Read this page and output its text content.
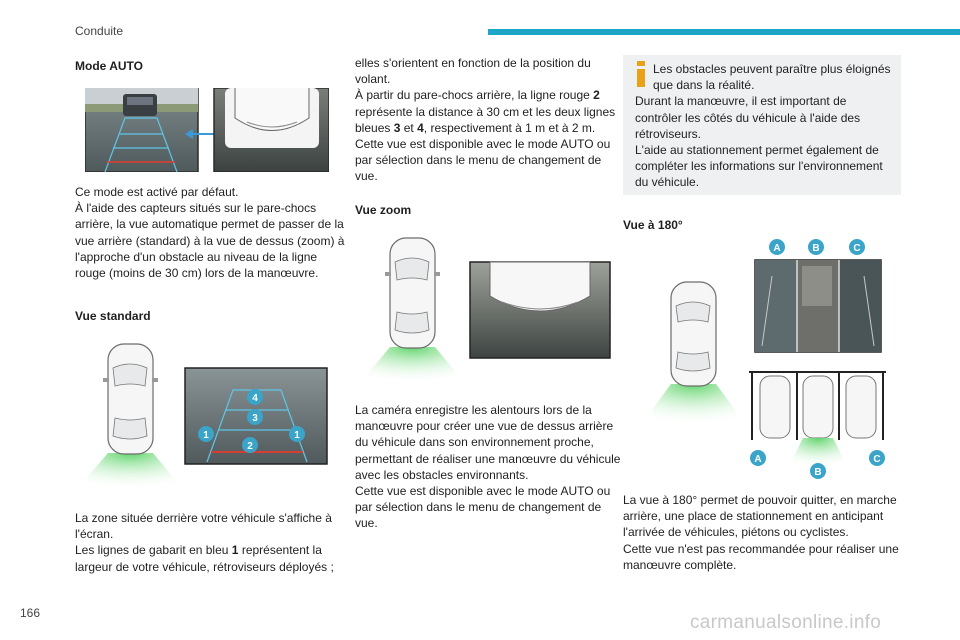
Conduite
Mode AUTO

Ce mode est activé par défaut.

À l'aide des capteurs situés sur le pare-chocs arrière, la vue automatique permet de passer de la vue arrière (standard) à la vue de dessus (zoom) à l'approche d'un obstacle au niveau de la ligne rouge (moins de 30 cm) lors de la manœuvre.

Vue standard
4
3
1	1
2

La zone située derrière votre véhicule s'affiche à l'écran.

Les lignes de gabarit en bleu 1 représentent la largeur de votre véhicule, rétroviseurs déployés ;

elles s'orientent en fonction de la position du volant.

À partir du pare-chocs arrière, la ligne rouge 2 représente la distance à 30 cm et les deux lignes bleues 3 et 4, respectivement à 1 m et à 2 m.

Cette vue est disponible avec le mode AUTO ou par sélection dans le menu de changement de vue.

Vue zoom

La caméra enregistre les alentours lors de la manœuvre pour créer une vue de dessus arrière du véhicule dans son environnement proche, permettant de réaliser une manœuvre du véhicule avec les obstacles environnants.

Cette vue est disponible avec le mode AUTO ou par sélection dans le menu de changement de vue.

Les obstacles peuvent paraître plus éloignés que dans la réalité.

Durant la manœuvre, il est important de contrôler les côtés du véhicule à l'aide des rétroviseurs.

L'aide au stationnement permet également de compléter les informations sur l'environnement du véhicule.

Vue à 180°
A	B	C
A
B
C

La vue à 180° permet de pouvoir quitter, en marche arrière, une place de stationnement en anticipant l'arrivée de véhicules, piétons ou cyclistes.

Cette vue n'est pas recommandée pour réaliser une manœuvre complète.

166	carmanualsonline.info
